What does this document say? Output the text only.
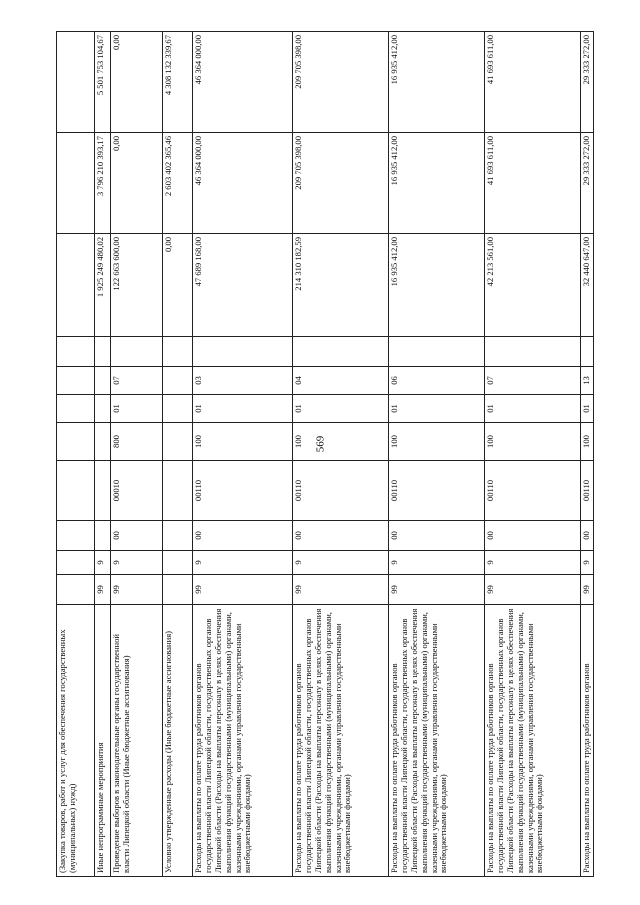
569
(Закупка товаров, работ и услуг для обеспечения государственных (муниципальных) нужд)											
Иные непрограммные мероприятия	99	9							1 925 249 480,02	3 796 210 393,17	5 501 753 104,67
Проведение выборов в законодательные органы государственной власти Липецкой области (Иные бюджетные ассигнования)	99	9	00	00010	800	01	07		122 663 600,00	0,00	0,00
Условно утвержденные расходы (Иные бюджетные ассигнования)									0,00	2 603 402 365,46	4 308 132 339,67
Расходы на выплаты по оплате труда работников органов государственной власти Липецкой области, государственных органов Липецкой области (Расходы на выплаты персоналу в целях обеспечения выполнения функций государственными (муниципальными) органами, казенными учреждениями, органами управления государственными внебюджетными фондами)	99	9	00	00110	100	01	03		47 689 168,00	46 364 000,00	46 364 000,00
Расходы на выплаты по оплате труда работников органов государственной власти Липецкой области, государственных органов Липецкой области (Расходы на выплаты персоналу в целях обеспечения выполнения функций государственными (муниципальными) органами, казенными учреждениями, органами управления государственными внебюджетными фондами)	99	9	00	00110	100	01	04		214 310 182,59	209 705 398,00	209 705 398,00
Расходы на выплаты по оплате труда работников органов государственной власти Липецкой области, государственных органов Липецкой области (Расходы на выплаты персоналу в целях обеспечения выполнения функций государственными (муниципальными) органами, казенными учреждениями, органами управления государственными внебюджетными фондами)	99	9	00	00110	100	01	06		16 935 412,00	16 935 412,00	16 935 412,00
Расходы на выплаты по оплате труда работников органов государственной власти Липецкой области, государственных органов Липецкой области (Расходы на выплаты персоналу в целях обеспечения выполнения функций государственными (муниципальными) органами, казенными учреждениями, органами управления государственными внебюджетными фондами)	99	9	00	00110	100	01	07		42 213 561,00	41 693 611,00	41 693 611,00
Расходы на выплаты по оплате труда работников органов	99	9	00	00110	100	01	13		32 440 647,00	29 333 272,00	29 333 272,00
